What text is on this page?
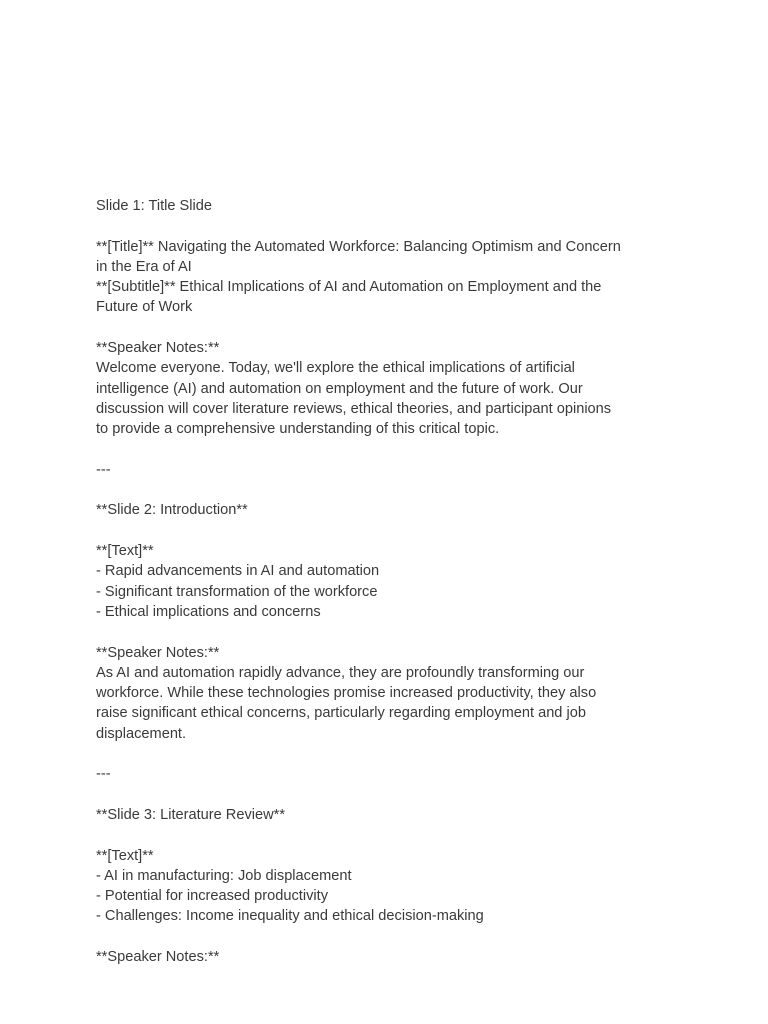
Slide 1: Title Slide
**[Title]** Navigating the Automated Workforce: Balancing Optimism and Concern
in the Era of AI
**[Subtitle]** Ethical Implications of AI and Automation on Employment and the
Future of Work
**Speaker Notes:**
Welcome everyone. Today, we'll explore the ethical implications of artificial
intelligence (AI) and automation on employment and the future of work. Our
discussion will cover literature reviews, ethical theories, and participant opinions
to provide a comprehensive understanding of this critical topic.
---
**Slide 2: Introduction**
**[Text]**
- Rapid advancements in AI and automation
- Significant transformation of the workforce
- Ethical implications and concerns
**Speaker Notes:**
As AI and automation rapidly advance, they are profoundly transforming our
workforce. While these technologies promise increased productivity, they also
raise significant ethical concerns, particularly regarding employment and job
displacement.
---
**Slide 3: Literature Review**
**[Text]**
- AI in manufacturing: Job displacement
- Potential for increased productivity
- Challenges: Income inequality and ethical decision-making
**Speaker Notes:**
